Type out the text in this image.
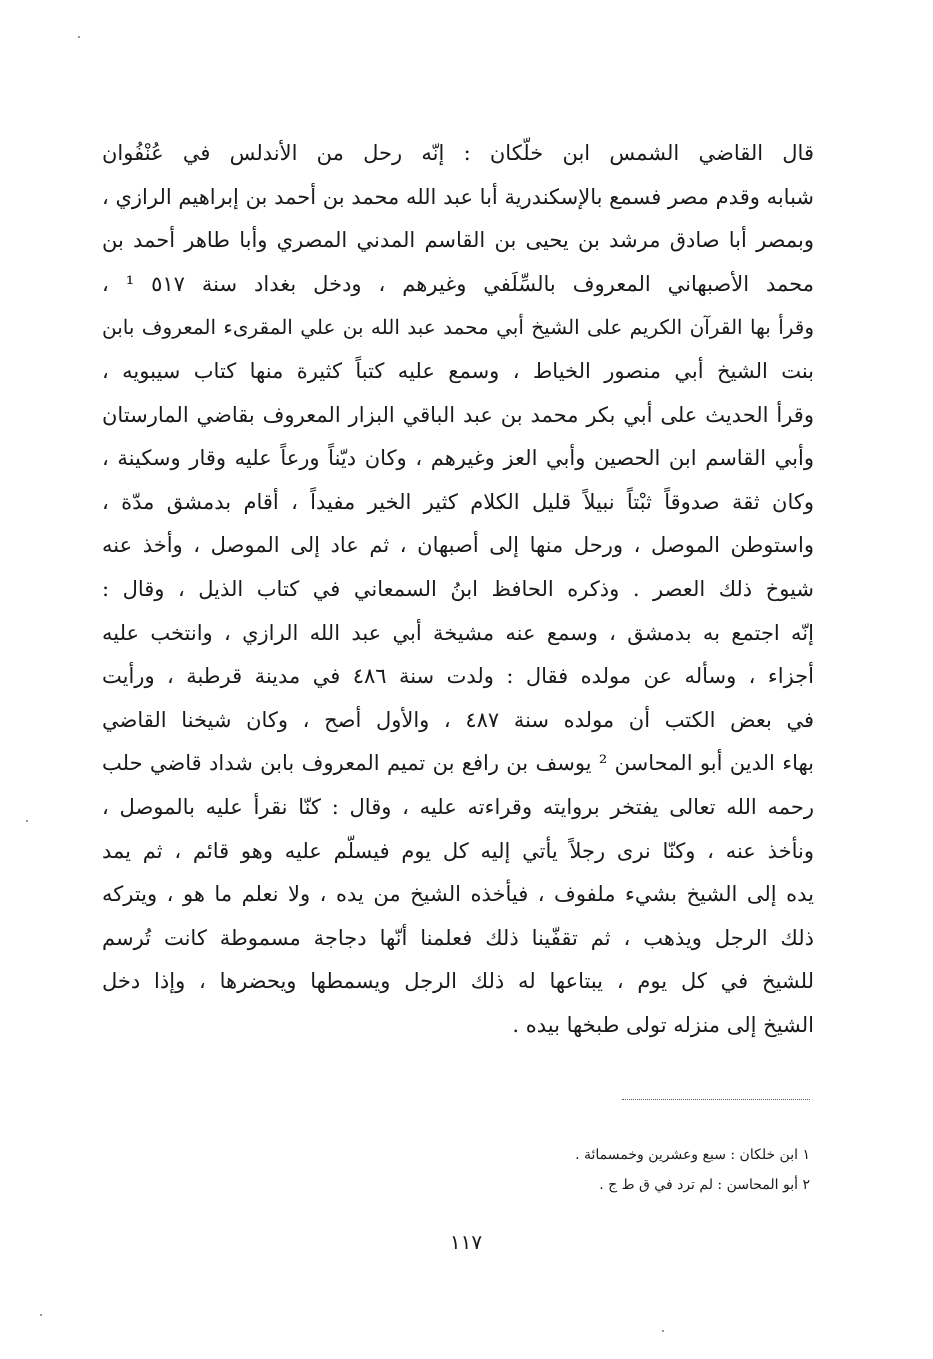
قال القاضي الشمس ابن خلّكان : إنّه رحل من الأندلس في عُنْفُوان
شبابه وقدم مصر فسمع بالإسكندرية أبا عبد الله محمد بن أحمد بن إبراهيم الرازي ،
وبمصر أبا صادق مرشد بن يحيى بن القاسم المدني المصري وأبا طاهر أحمد بن
محمد الأصبهاني المعروف بالسِّلَفي وغيرهم ، ودخل بغداد سنة ٥١٧ ¹ ،
وقرأ بها القرآن الكريم على الشيخ أبي محمد عبد الله بن علي المقرىء المعروف بابن
بنت الشيخ أبي منصور الخياط ، وسمع عليه كتباً كثيرة منها كتاب سيبويه ،
وقرأ الحديث على أبي بكر محمد بن عبد الباقي البزار المعروف بقاضي المارستان
وأبي القاسم ابن الحصين وأبي العز وغيرهم ، وكان ديّناً ورعاً عليه وقار وسكينة ،
وكان ثقة صدوقاً ثبْتاً نبيلاً قليل الكلام كثير الخير مفيداً ، أقام بدمشق مدّة ،
واستوطن الموصل ، ورحل منها إلى أصبهان ، ثم عاد إلى الموصل ، وأخذ عنه
شيوخ ذلك العصر . وذكره الحافظ ابنُ السمعاني في كتاب الذيل ، وقال :
إنّه اجتمع به بدمشق ، وسمع عنه مشيخة أبي عبد الله الرازي ، وانتخب عليه
أجزاء ، وسأله عن مولده فقال : ولدت سنة ٤٨٦ في مدينة قرطبة ، ورأيت
في بعض الكتب أن مولده سنة ٤٨٧ ، والأول أصح ، وكان شيخنا القاضي
بهاء الدين أبو المحاسن ² يوسف بن رافع بن تميم المعروف بابن شداد قاضي حلب
رحمه الله تعالى يفتخر بروايته وقراءته عليه ، وقال : كنّا نقرأ عليه بالموصل ،
ونأخذ عنه ، وكنّا نرى رجلاً يأتي إليه كل يوم فيسلّم عليه وهو قائم ، ثم يمد
يده إلى الشيخ بشيء ملفوف ، فيأخذه الشيخ من يده ، ولا نعلم ما هو ، ويتركه
ذلك الرجل ويذهب ، ثم تقفّينا ذلك فعلمنا أنّها دجاجة مسموطة كانت تُرسم
للشيخ في كل يوم ، يبتاعها له ذلك الرجل ويسمطها ويحضرها ، وإذا دخل
الشيخ إلى منزله تولى طبخها بيده .
١ ابن خلكان : سبع وعشرين وخمسمائة .
٢ أبو المحاسن : لم ترد في ق ط ج .
١١٧
